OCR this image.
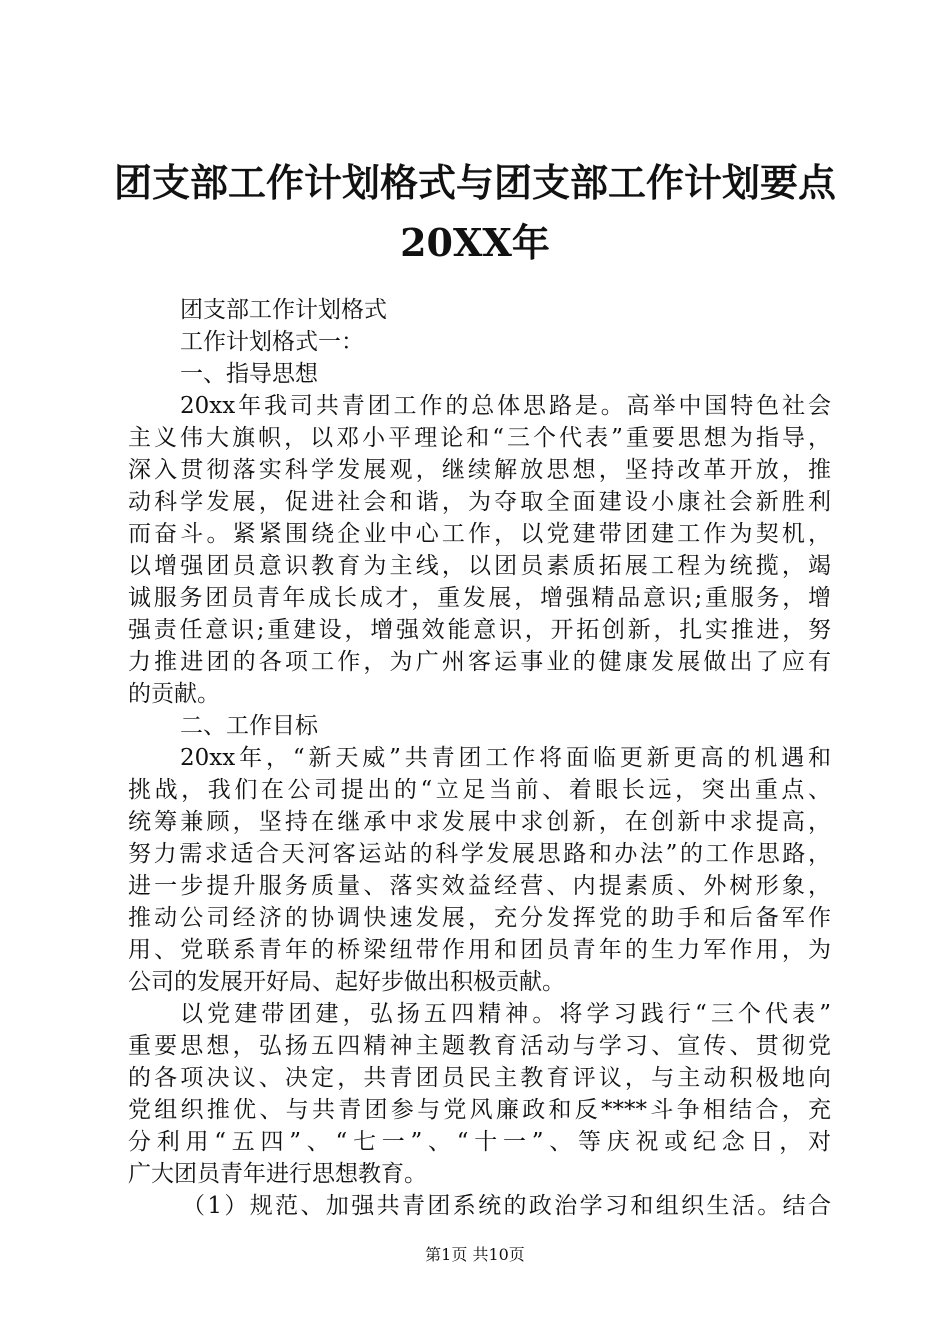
团支部工作计划格式与团支部工作计划要点
20XX年
团支部工作计划格式
工作计划格式一：
一、指导思想
20xx年我司共青团工作的总体思路是。高举中国特色社会
主义伟大旗帜，以邓小平理论和“三个代表”重要思想为指导，
深入贯彻落实科学发展观，继续解放思想，坚持改革开放，推
动科学发展，促进社会和谐，为夺取全面建设小康社会新胜利
而奋斗。紧紧围绕企业中心工作，以党建带团建工作为契机，
以增强团员意识教育为主线，以团员素质拓展工程为统揽，竭
诚服务团员青年成长成才，重发展，增强精品意识;重服务，增
强责任意识;重建设，增强效能意识，开拓创新，扎实推进，努
力推进团的各项工作，为广州客运事业的健康发展做出了应有
的贡献。
二、工作目标
20xx年，“新天威”共青团工作将面临更新更高的机遇和
挑战，我们在公司提出的“立足当前、着眼长远，突出重点、
统筹兼顾，坚持在继承中求发展中求创新，在创新中求提高，
努力需求适合天河客运站的科学发展思路和办法”的工作思路，
进一步提升服务质量、落实效益经营、内提素质、外树形象，
推动公司经济的协调快速发展，充分发挥党的助手和后备军作
用、党联系青年的桥梁纽带作用和团员青年的生力军作用，为
公司的发展开好局、起好步做出积极贡献。
以党建带团建，弘扬五四精神。将学习践行“三个代表”
重要思想，弘扬五四精神主题教育活动与学习、宣传、贯彻党
的各项决议、决定，共青团员民主教育评议，与主动积极地向
党组织推优、与共青团参与党风廉政和反****斗争相结合，充
分利用“五四”、“七一”、“十一”、等庆祝或纪念日，对
广大团员青年进行思想教育。
（1）规范、加强共青团系统的政治学习和组织生活。结合
第1页 共10页
